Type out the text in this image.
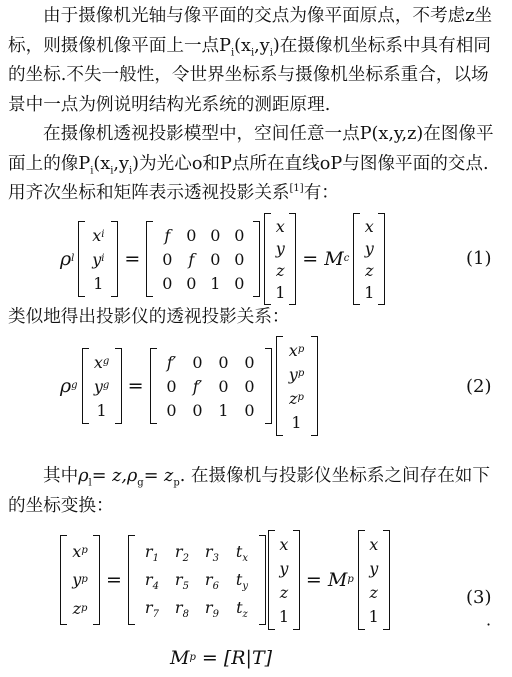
由于摄像机光轴与像平面的交点为像平面原点，不考虑z坐标，则摄像机像平面上一点$P_i(x_i,y_i)$在摄像机坐标系中具有相同的坐标.不失一般性，令世界坐标系与摄像机坐标系重合，以场景中一点为例说明结构光系统的测距原理.

在摄像机透视投影模型中，空间任意一点P(x,y,z)在图像平面上的像$P_i(x_i,y_i)$为光心o和P点所在直线oP与图像平面的交点.用齐次坐标和矩阵表示透视投影关系[1]有：

ρ l
x i
y i
1
=
f 0 0 0
0 f 0 0
0 0 1 0
x
y
z
1
= M c
x
y
z
1
(1)

类似地得出投影仪的透视投影关系：

ρ g
x g
y g
1
=
f′ 0 0 0
0 f′ 0 0
0 0 1 0
x p
y p
z p
1
(2)

其中$\rho_l= z,\rho_g= z_p$. 在摄像机与投影仪坐标系之间存在如下的坐标变换：

x p
y p
z p
=
$r_1$ $r_2$ $r_3$ $t_x$
$r_4$ $r_5$ $r_6$ $t_y$
$r_7$ $r_8$ $r_9$ $t_z$
x
y
z
1
= M p
x
y
z
1
(3)
·
M p = [R|T]
